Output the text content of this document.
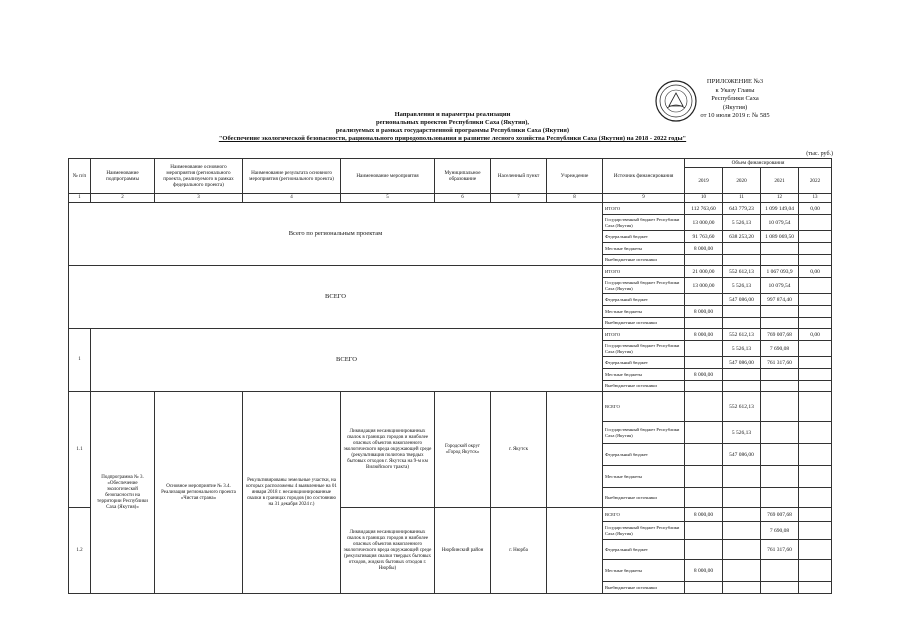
ПРИЛОЖЕНИЕ №3
к Указу Главы
Республики Саха (Якутия)
от 10 июля 2019 г. № 585
Направления и параметры реализации
региональных проектов Республики Саха (Якутия),
реализуемых в рамках государственной программы Республики Саха (Якутия)
"Обеспечение экологической безопасности, рационального природопользования и развитие лесного хозяйства Республики Саха (Якутия) на 2018 - 2022 годы"
(тыс. руб.)
№ п/п	Наименование подпрограммы	Наименование основного мероприятия (регионального проекта, реализуемого в рамках федерального проекта)	Наименование результата основного мероприятия (регионального проекта)	Наименование мероприятия	Муниципальное образование	Населенный пункт	Учреждение	Источник финансирования	Объем финансирования			
									2019	2020	2021	2022
1	2	3	4	5	6	7	8	9	10	11	12	13
Всего по региональным проектам								ИТОГО	112 763,60	643 779,23	1 099 149,04	0,00
								Государственный бюджет Республики Саха (Якутия)	13 000,00	5 526,13	10 079,54	
								Федеральный бюджет	91 763,60	638 253,20	1 089 069,50	
								Местные бюджеты	8 000,00			
								Внебюджетные источники				
ВСЕГО								ИТОГО	21 000,00	552 612,13	1 067 093,9	0,00
								Государственный бюджет Республики Саха (Якутия)	13 000,00	5 526,13	10 079,54	
								Федеральный бюджет		547 086,00	997 874,40	
								Местные бюджеты	8 000,00			
								Внебюджетные источники				
1	ВСЕГО							ИТОГО	8 000,00	552 612,13	769 007,68	0,00
								Государственный бюджет Республики Саха (Якутия)		5 526,13	7 690,08	
								Федеральный бюджет		547 086,00	761 317,60	
								Местные бюджеты	8 000,00			
								Внебюджетные источники				
1.1	Подпрограмма № 3. «Обеспечение экологической безопасности на территории Республики Саха (Якутия)»	Основное мероприятие № 3.4. Реализация регионального проекта «Чистая страна»	Рекультивированы земельные участки, на которых расположены 4 выявленные на 01 января 2018 г. несанкционированные свалки в границах городов (по состоянию на 31 декабря 2024 г.)	Ликвидация несанкционированных свалок в границах городов и наиболее опасных объектов накопленного экологического вреда окружающей среде (рекультивация полигона твердых бытовых отходов г. Якутска на 9-м км Вилюйского тракта)	Городской округ «Город Якутск»	г. Якутск		ВСЕГО		552 612,13		
								Государственный бюджет Республики Саха (Якутия)		5 526,13		
								Федеральный бюджет		547 086,00		
								Местные бюджеты				
								Внебюджетные источники				
1.2				Ликвидация несанкционированных свалок в границах городов и наиболее опасных объектов накопленного экологического вреда окружающей среде (рекультивация свалки твердых бытовых отходов, жидких бытовых отходов г. Нюрбы)	Нюрбинский район	г. Нюрба		ВСЕГО	8 000,00		769 007,68	
								Государственный бюджет Республики Саха (Якутия)			7 690,08	
								Федеральный бюджет			761 317,60	
								Местные бюджеты	8 000,00			
								Внебюджетные источники				
